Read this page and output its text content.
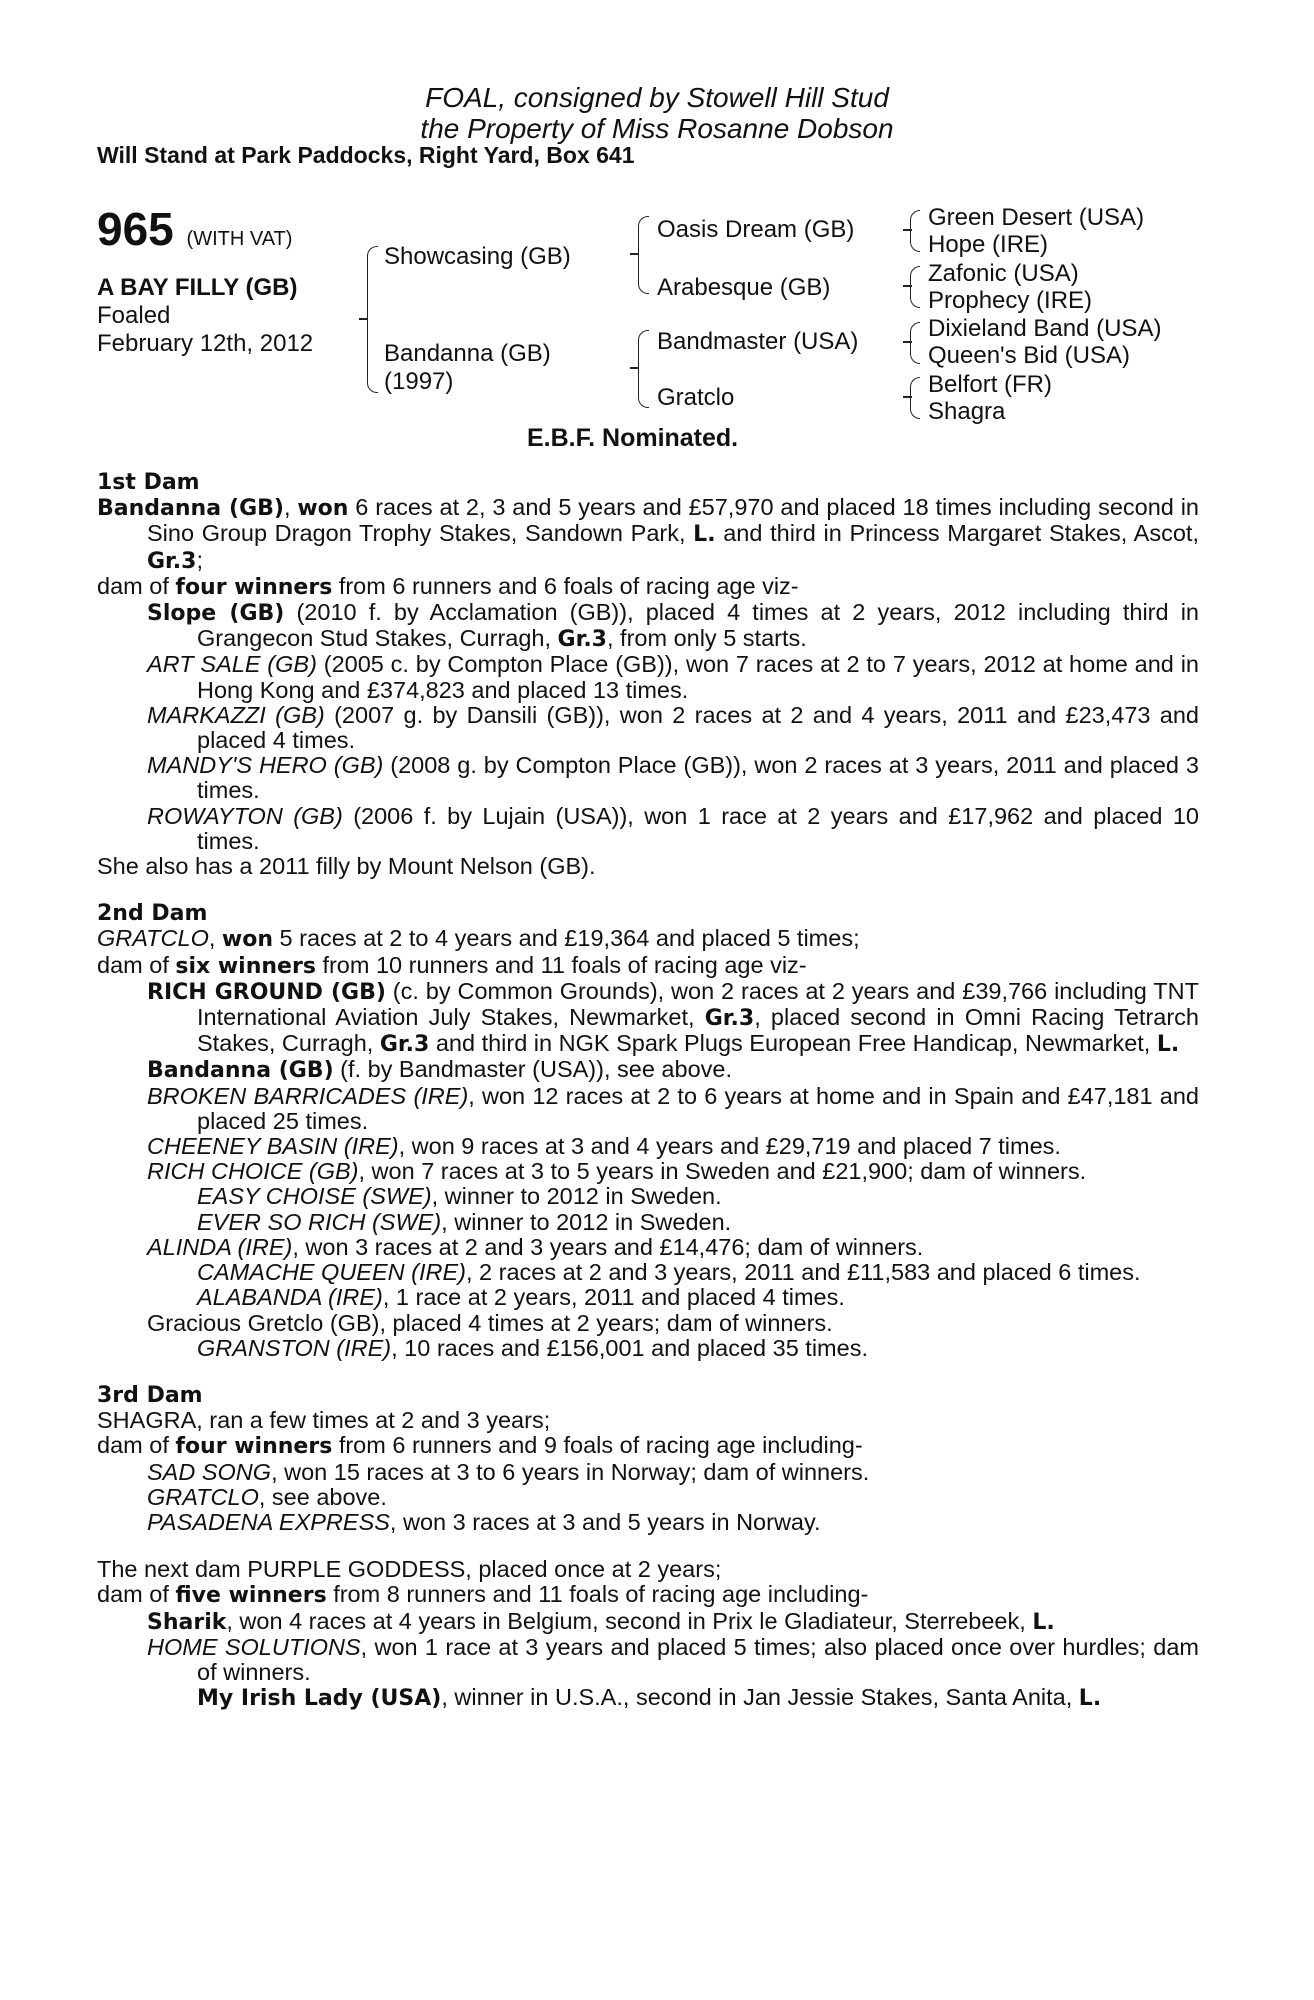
FOAL, consigned by Stowell Hill Stud
the Property of Miss Rosanne Dobson
Will Stand at Park Paddocks, Right Yard, Box 641
965 (WITH VAT)
A BAY FILLY (GB)
Foaled
February 12th, 2012
Showcasing (GB)
Bandanna (GB)
(1997)
Oasis Dream (GB)
Arabesque (GB)
Bandmaster (USA)
Gratclo
Green Desert (USA)
Hope (IRE)
Zafonic (USA)
Prophecy (IRE)
Dixieland Band (USA)
Queen's Bid (USA)
Belfort (FR)
Shagra
E.B.F. Nominated.
1st Dam
Bandanna (GB), won 6 races at 2, 3 and 5 years and £57,970 and placed 18 times including second in Sino Group Dragon Trophy Stakes, Sandown Park, L. and third in Princess Margaret Stakes, Ascot, Gr.3;
dam of four winners from 6 runners and 6 foals of racing age viz-
Slope (GB) (2010 f. by Acclamation (GB)), placed 4 times at 2 years, 2012 including third in Grangecon Stud Stakes, Curragh, Gr.3, from only 5 starts.
ART SALE (GB) (2005 c. by Compton Place (GB)), won 7 races at 2 to 7 years, 2012 at home and in Hong Kong and £374,823 and placed 13 times.
MARKAZZI (GB) (2007 g. by Dansili (GB)), won 2 races at 2 and 4 years, 2011 and £23,473 and placed 4 times.
MANDY'S HERO (GB) (2008 g. by Compton Place (GB)), won 2 races at 3 years, 2011 and placed 3 times.
ROWAYTON (GB) (2006 f. by Lujain (USA)), won 1 race at 2 years and £17,962 and placed 10 times.
She also has a 2011 filly by Mount Nelson (GB).
2nd Dam
GRATCLO, won 5 races at 2 to 4 years and £19,364 and placed 5 times;
dam of six winners from 10 runners and 11 foals of racing age viz-
RICH GROUND (GB) (c. by Common Grounds), won 2 races at 2 years and £39,766 including TNT International Aviation July Stakes, Newmarket, Gr.3, placed second in Omni Racing Tetrarch Stakes, Curragh, Gr.3 and third in NGK Spark Plugs European Free Handicap, Newmarket, L.
Bandanna (GB) (f. by Bandmaster (USA)), see above.
BROKEN BARRICADES (IRE), won 12 races at 2 to 6 years at home and in Spain and £47,181 and placed 25 times.
CHEENEY BASIN (IRE), won 9 races at 3 and 4 years and £29,719 and placed 7 times.
RICH CHOICE (GB), won 7 races at 3 to 5 years in Sweden and £21,900; dam of winners.
EASY CHOISE (SWE), winner to 2012 in Sweden.
EVER SO RICH (SWE), winner to 2012 in Sweden.
ALINDA (IRE), won 3 races at 2 and 3 years and £14,476; dam of winners.
CAMACHE QUEEN (IRE), 2 races at 2 and 3 years, 2011 and £11,583 and placed 6 times.
ALABANDA (IRE), 1 race at 2 years, 2011 and placed 4 times.
Gracious Gretclo (GB), placed 4 times at 2 years; dam of winners.
GRANSTON (IRE), 10 races and £156,001 and placed 35 times.
3rd Dam
SHAGRA, ran a few times at 2 and 3 years;
dam of four winners from 6 runners and 9 foals of racing age including-
SAD SONG, won 15 races at 3 to 6 years in Norway; dam of winners.
GRATCLO, see above.
PASADENA EXPRESS, won 3 races at 3 and 5 years in Norway.
The next dam PURPLE GODDESS, placed once at 2 years;
dam of five winners from 8 runners and 11 foals of racing age including-
Sharik, won 4 races at 4 years in Belgium, second in Prix le Gladiateur, Sterrebeek, L.
HOME SOLUTIONS, won 1 race at 3 years and placed 5 times; also placed once over hurdles; dam of winners.
My Irish Lady (USA), winner in U.S.A., second in Jan Jessie Stakes, Santa Anita, L.
